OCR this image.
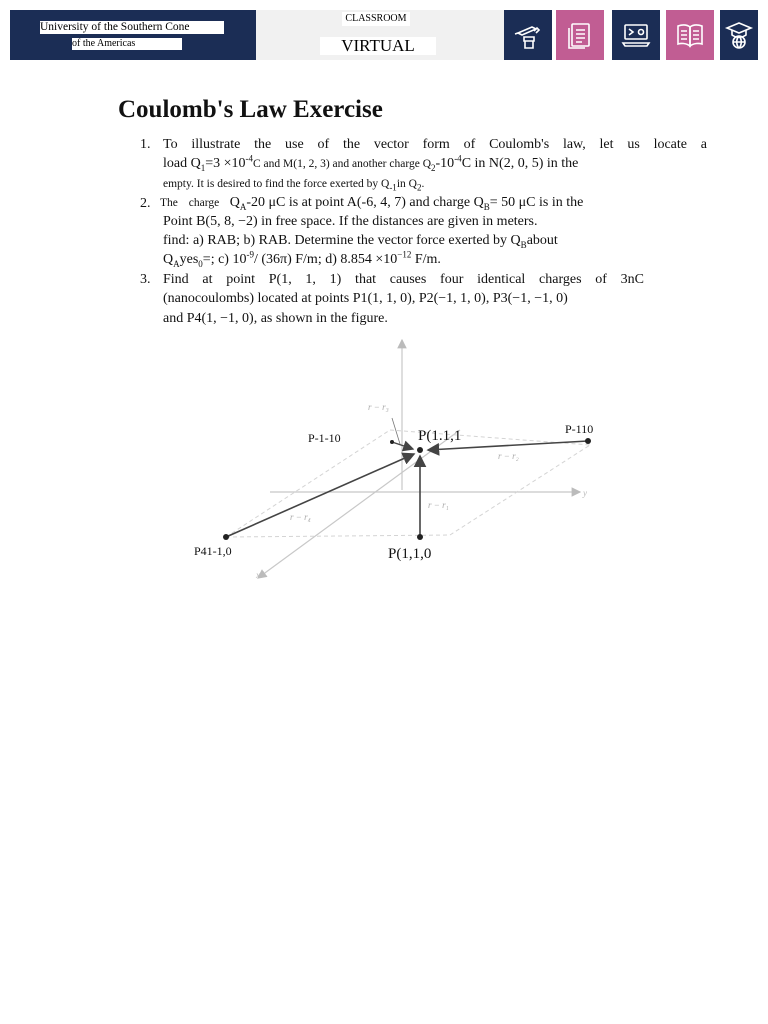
University of the Southern Cone
of the Americas
CLASSROOM
VIRTUAL
Coulomb's Law Exercise
1. To illustrate the use of the vector form of Coulomb's law, let us locate a
load $Q_1=3 \times 10^{-4}C$ and M(1, 2, 3) and another charge $Q_2-10^{-4}C$ in N(2, 0, 5) in the
empty. It is desired to find the force exerted by $Q_{-1}in$ $Q_2$.
2. The charge $Q_A-20$ μC is at point A(-6, 4, 7) and charge $Q_B= 50$ μC is in the
Point B(5, 8, −2) in free space. If the distances are given in meters.
find: a) RAB; b) RAB. Determine the vector force exerted by $Q_Babout$
$Q_Ayes_0=$; c) $10^{-9}/$ (36π) F/m; d) $8.854 \times 10^{-12}$ F/m.
3. Find at point P(1, 1, 1) that causes four identical charges of 3nC
(nanocoulombs) located at points P1(1, 1, 0), P2(−1, 1, 0), P3(−1, −1, 0)
and P4(1, −1, 0), as shown in the figure.
z
y
x
P(1.1,1	P-110
P-1-10
P41-1,0	P(1,1,0
r − r₃
r − r₂
r − r₁
r − r₄
